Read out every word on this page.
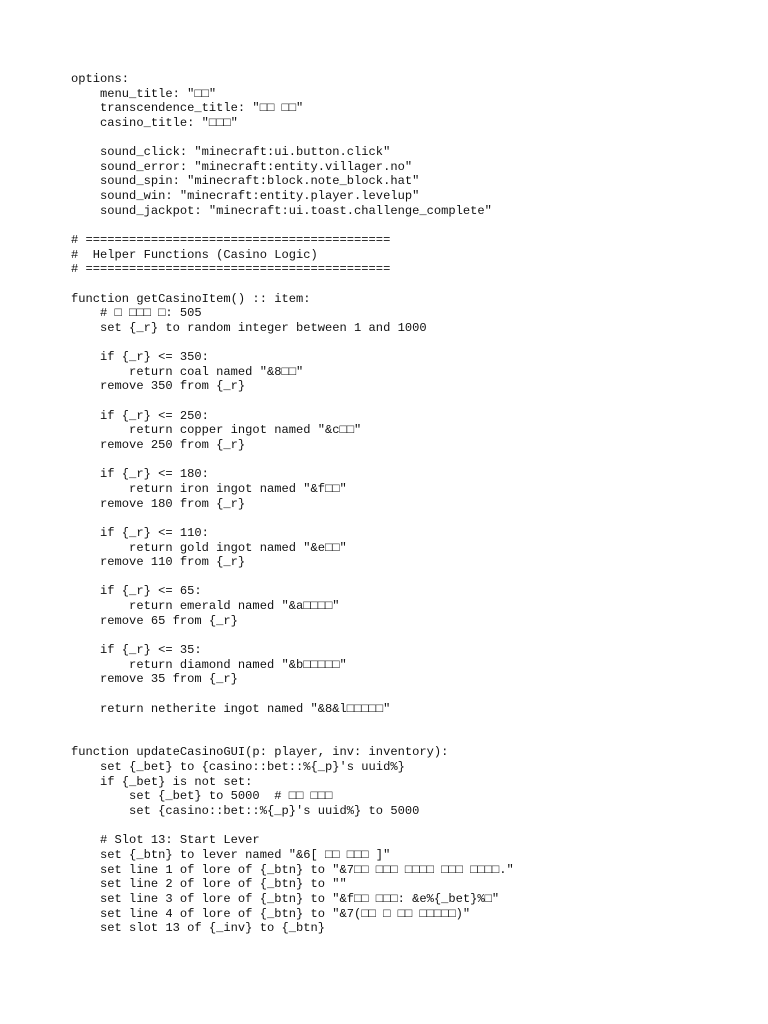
options:
menu_title: "□□"
transcendence_title: "□□ □□"
casino_title: "□□□"
sound_click: "minecraft:ui.button.click"
sound_error: "minecraft:entity.villager.no"
sound_spin: "minecraft:block.note_block.hat"
sound_win: "minecraft:entity.player.levelup"
sound_jackpot: "minecraft:ui.toast.challenge_complete"
# ==========================================
#  Helper Functions (Casino Logic)
# ==========================================
function getCasinoItem() :: item:
# □ □□□ □: 505
set {_r} to random integer between 1 and 1000
if {_r} <= 350:
return coal named "&8□□"
remove 350 from {_r}
if {_r} <= 250:
return copper ingot named "&c□□"
remove 250 from {_r}
if {_r} <= 180:
return iron ingot named "&f□□"
remove 180 from {_r}
if {_r} <= 110:
return gold ingot named "&e□□"
remove 110 from {_r}
if {_r} <= 65:
return emerald named "&a□□□□"
remove 65 from {_r}
if {_r} <= 35:
return diamond named "&b□□□□□"
remove 35 from {_r}
return netherite ingot named "&8&l□□□□□"
function updateCasinoGUI(p: player, inv: inventory):
set {_bet} to {casino::bet::%{_p}'s uuid%}
if {_bet} is not set:
set {_bet} to 5000  # □□ □□□
set {casino::bet::%{_p}'s uuid%} to 5000
# Slot 13: Start Lever
set {_btn} to lever named "&6[ □□ □□□ ]"
set line 1 of lore of {_btn} to "&7□□ □□□ □□□□ □□□ □□□□."
set line 2 of lore of {_btn} to ""
set line 3 of lore of {_btn} to "&f□□ □□□: &e%{_bet}%□"
set line 4 of lore of {_btn} to "&7(□□ □ □□ □□□□□)"
set slot 13 of {_inv} to {_btn}
